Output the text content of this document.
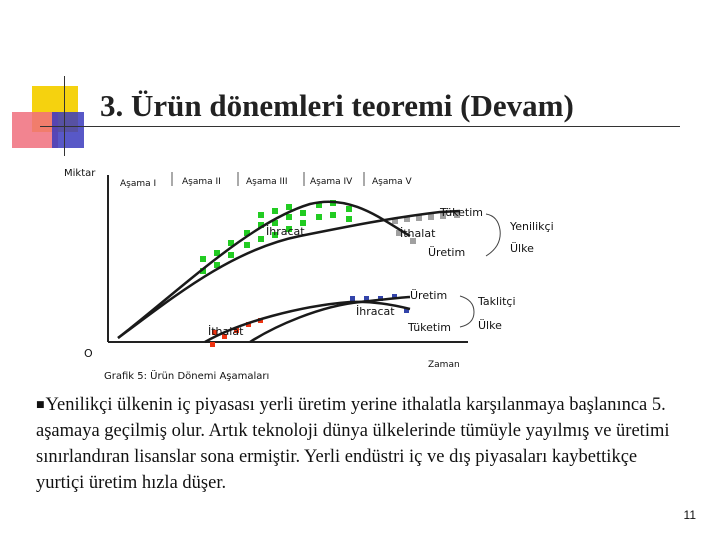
3. Ürün dönemleri teoremi (Devam)
Miktar
O
Zaman
Grafik 5: Ürün Dönemi Aşamaları
Aşama I	Aşama II	Aşama III	Aşama IV Aşama V
İhracat	İthalat
Tüketim
Üretim
Yenilikçi
Ülke
Üretim
İhracat
Tüketim
Taklitçi
Ülke
İthalat
■Yenilikçi ülkenin iç piyasası yerli üretim yerine ithalatla karşılanmaya başlanınca 5. aşamaya geçilmiş olur. Artık teknoloji dünya ülkelerinde tümüyle yayılmış ve üretimi sınırlandıran lisanslar sona ermiştir. Yerli endüstri iç ve dış piyasaları kaybettikçe yurtiçi üretim hızla düşer.
11
